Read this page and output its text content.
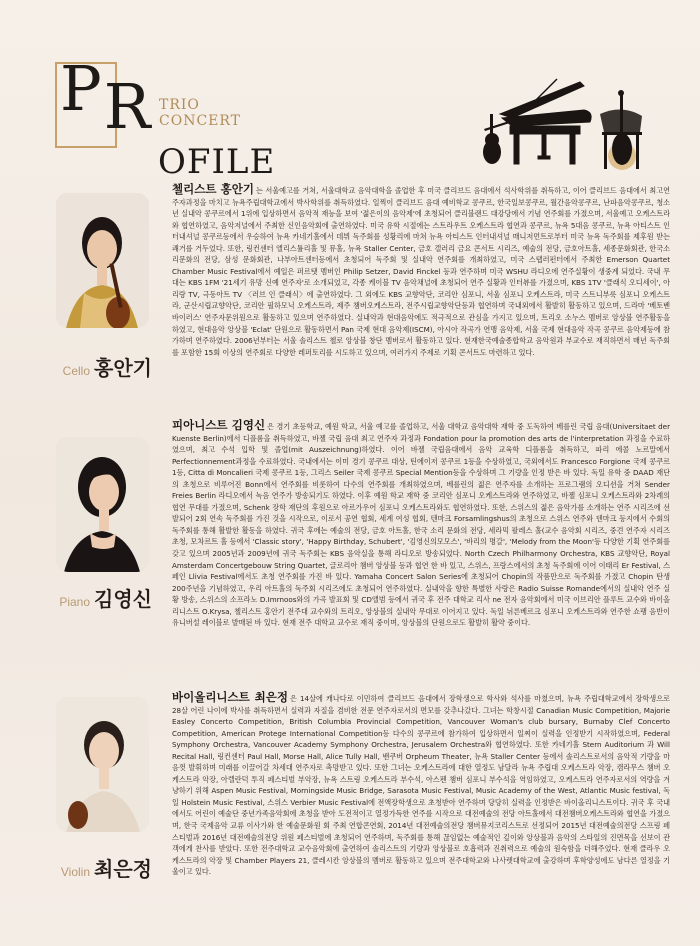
PR TRIO
CONCERT
OFILE
Cello 홍안기
첼리스트 홍안기 는 서울예고를 거쳐, 서울대학교 음악대학을 졸업한 후 미국 클리브드 음대에서 석사학위를 취득하고, 이어 클리브드 음대에서 최고연주자과정을 마치고 뉴욕주립대학교에서 박사학위를 취득하였다. 일찍이 클리브드 음대 예비학교 콩쿠르, 한국일보콩쿠르, 월간음악콩쿠르, 난파음악콩쿠르, 청소년 실내악 콩쿠르에서 1위에 입상하면서 음악적 재능을 보여 '젊은이의 음악제'에 초청되어 클리블랜드 대강당에서 기념 연주회를 가졌으며, 서울예고 오케스트라와 협연하였고, 음악저널에서 주최한 신인음악회에 출연하였다. 미국 유학 시절에는 스트라우트 오케스트라 협연과 콩쿠르, 뉴욕 5대음 콩쿠르, 뉴욕 아티스트 인터내셔널 콩쿠르등에서 우승하여 뉴욕 카네기홀에서 데뷔 독주회를 성황리에 마쳐 뉴욕 아티스트 인터내셔널 매니저먼트로부터 미국 뉴욕 독주회를 제후원 받는 쾌거를 거두었다. 또한, 링컨센터 앨리스튤리홀 및 뮤홀, 뉴욕 Staller Center, 금호 갤러리 금요 콘서트 시리즈, 예술의 전당, 금호아트홀, 세종문화회관, 한국소리문화의 전당, 삼성 문화회관, 나부아트센터등에서 초청되어 독주회 및 실내악 연주회를 개최하였고, 미국 스탭러펀터에서 주최한 Emerson Quartet Chamber Music Festival에서 예일은 퍼르탯 멤버인 Philip Setzer, David Finckel 등과 연주하며 미국 WSHU 라디오에 연주실황이 생중계 되었다. 국내 무대는 KBS 1FM '21세기 유망 신예 연주자'로 소개되었고, 각종 케이블 TV 음악채널에 초청되어 연주 실황과 인터뷰를 가졌으며, KBS 1TV '클래식 오디세이', 아리랑 TV, 극동아트 TV 〈러브 인 클래식〉에 출연하였다. 그 외에도 KBS 교향악단, 코리안 심포니, 서울 심포니 오케스트라, 미국 스트니부룩 심포니 오케스트라, 군산시립교향악단, 코리안 필하모닉 오케스트라, 제주 챔버오케스트라, 전주시립교향악단등과 협연하며 국내외에서 활발히 활동하고 있으며, 드라마 '베토벤 바이러스' 연주자문위원으로 활동하고 있으며 연주하였다. 실내악과 현대음악에도 적극적으로 관심을 가지고 있으며, 트리오 소누스 멤버로 앙상블 연주활동을 하였고, 현대음악 앙상블 'Eclat' 단원으로 활동하면서 Pan 국제 현대 음악제(ISCM), 아시아 작곡가 연맹 음악제, 서울 국제 현대음악 작곡 콩쿠르 음악제등에 참가하며 연주하였다. 2006년부터는 서울 솔리스트 첼로 앙상블 창단 멤버로서 활동하고 있다. 현재한국예술종합학교 음악원과 부교수로 재직하면서 매년 독주회를 포함한 15회 이상의 연주회로 다양한 레퍼토리를 시도하고 있으며, 여러가지 주제로 기획 콘서트도 마련하고 있다.
Piano 김영신
피아니스트 김영신 은 경기 초등학교, 예원 학교, 서울 예고를 졸업하고, 서울 대학교 음악대학 재학 중 도독하여 베를린 국립 음대(Universitaet der Kuenste Berlin)에서 디플롬을 취득하였고, 바젤 국립 음대 최고 연주자 과정과 Fondation pour la promotion des arts de l'interpretation 과정을 수료하였으며, 최고 수석 입학 및 졸업(mit Auszeichnung)하였다. 이어 바젤 국립음대에서 음악 교육학 디플롬을 취득하고, 파리 에콜 노르말에서 Perfectionnement과정을 수료하였다. 국내에서는 이미 경기 콩쿠르 대상, 틴에이저 콩쿠르 1등을 수상하였고, 국외에서도 Francesco Forgione 국제 콩쿠르 1등, Citta di Moncalieri 국제 콩쿠르 1등, 그리스 Seiler 국제 콩쿠르 Special Mention등을 수상하며 그 기량을 인정 받은 바 있다. 독일 유학 중 DAAD 재단의 초청으로 비루어진 Bonn에서 연주회를 비롯하여 다수의 연주회를 개최하였으며, 베를린의 젊은 연주자를 소개하는 프로그램의 오디션을 거쳐 Sender Freies Berlin 라디오에서 녹음 연주가 방송되기도 하였다. 이후 예원 학교 재학 중 코리안 심포니 오케스트라와 연주하였고, 바젤 심포니 오케스트라와 2차례의 협연 무대를 가졌으며, Schenk 장학 재단의 후원으로 아르가우어 심포니 오케스트라와도 협연하였다. 또한, 스위스의 젊은 음악가를 소개하는 연주 시리즈에 선발되어 2회 연속 독주회를 가진 것을 시작으로, 이로서 공연 협회, 세계 여성 협회, 텐마크 Forsamlingshus의 초청으로 스위스 연주와 덴마크 등지에서 수회의 독주회를 통해 활발한 활동을 하였다. 귀국 후에는 예술의 전당, 금호 아트홀, 한국 소리 문화의 전당, 세라믹 팔레스 홀(교수 음악회 시리즈, 중견 연주자 시리즈 초청, 모차르트 홀 등에서 'Classic story', 'Happy Birthday, Schubert', '김영신의모모스', '바리의 명갈', 'Melody from the Moon'등 다양한 기획 연주회를 갖고 있으며 2005년과 2009년에 귀국 독주회는 KBS 음악실을 통해 라디오로 방송되었다. North Czech Philharmony Orchestra, KBS 교향악단, Royal Amsterdam Concertgebouw String Quartet, 글로리아 챔버 앙상블 등과 협연 한 바 있고, 스위스, 프랑스에서의 초청 독주회에 이어 이태리 Er Festival, 스페인 Llivia Festival에서도 초청 연주회를 가진 바 있다. Yamaha Concert Salon Series에 초청되어 Chopin의 작품만으로 독주회를 가졌고 Chopin 탄생 200주년을 기념하였고, 우리 아트홀의 독주회 시리즈에도 초청되어 연주하였다. 실내악을 향한 특별한 사랑은 Radio Suisse Romande에서의 실내악 연주 실황 방송, 스위스의 소프라노 D.Imrnoos와의 가곡 발표회 및 CD앨범 등에서 귀국 후 전주 대학교 리사 ne 전자 음악회에서 미국 이브리안 플루트 교수와 바이올리니스트 O.Krysa, 첼리스트 홍안기 전주대 교수와의 트리오, 앙상블의 실내악 무대로 이어지고 있다. 독일 뉘른베르크 심포니 오케스트라와 연주한 쇼팽 음반이 유니버설 레이블로 발매된 바 있다. 현재 전주 대학교 교수로 재직 중이며, 앙상블의 단원으로도 활발히 활약 중이다.
Violin 최은정
바이올리니스트 최은정 은 14살에 캐나다로 이민하여 클리브드 음대에서 장학생으로 학사와 석사를 마쳤으며, 뉴욕 주립대학교에서 장학생으로 28살 어린 나이에 박사를 취득하면서 실력과 자질을 겸비한 전문 연주자로서의 면모를 갖추나갔다. 그녀는 학창시절 Canadian Music Competition, Majorie Easley Concerto Competition, British Columbia Provincial Competition, Vancouver Woman's club bursary, Burnaby Clef Concerto Competition, American Protege International Competition등 다수의 콩쿠르에 참가하여 입상하면서 일찌이 실력을 인정받기 시작하였으며, Federal Symphony Orchestra, Vancouver Academy Symphony Orchestra, Jerusalem Orchestra와 협연하였다. 또한 카네기홀 Stern Auditorium 과 Will Recital Hall, 링컨센터 Paul Hall, Morse Hall, Alice Tully Hall, 밴쿠버 Orpheum Theater, 뉴욕 Staller Center 등에서 솔리스트로서의 음악적 기량을 마음껏 발휘하며 미래를 이끌어갈 차세대 연주자로 촉망받고 있다. 또한 그녀는 오케스트라에 대한 열정도 남달라 뉴욕 주립대 오케스트라 악장, 캠라무스 챔버 오케스트라 악장, 아렐란덕 투직 페스티벌 부악장, 뉴욕 스트링 오케스트라 부수석, 아스펜 챔버 심포니 부수석을 역임하였고, 오케스트라 연주자로서의 역량을 겨냥하기 위해 Aspen Music Festival, Morningside Music Bridge, Sarasota Music Festival, Music Academy of the West, Atlantic Music festival, 독일 Holstein Music Festival, 스위스 Verbier Music Festival에 전액장학생으로 초청받아 연주하며 당당히 실력을 인정받은 바이올리니스트이다. 귀국 후 국내에서도 어린이 예술단 중년가족음악회에 초청을 받아 도전적이고 열정가득한 연주를 시작으로 대전예술의 전당 아트홀에서 대전챔버오케스트라와 협연을 가졌으며, 한국 국제음악 교류 이사가와 한 예술문화원 회 주최 연합콘연회, 2014년 대전예술의전당 챔버뮤지코리스트로 선정되어 2015년 대전예술의전당 스프링 페스티벌과 2016년 대전예술의전당 위원 페스티벌에 초청되어 연주하며, 독주회를 통해 끊임없는 예술적인 깊이와 앙상블과 음악의 스타일의 진면목을 선보이 관객에게 찬사를 받았다. 또한 전주대학교 교수음악회에 출연하여 솔리스트의 기량과 앙상블로 호흡력과 진취력으로 예술의 원숙함을 더해주었다. 현재 클라우 오케스트라의 악장 및 Chamber Players 21, 클레시칸 앙상블의 멤버로 활동하고 있으며 전주대학교와 나사렛대학교에 출강하며 후학양성에도 남다른 열정을 기울이고 있다.
